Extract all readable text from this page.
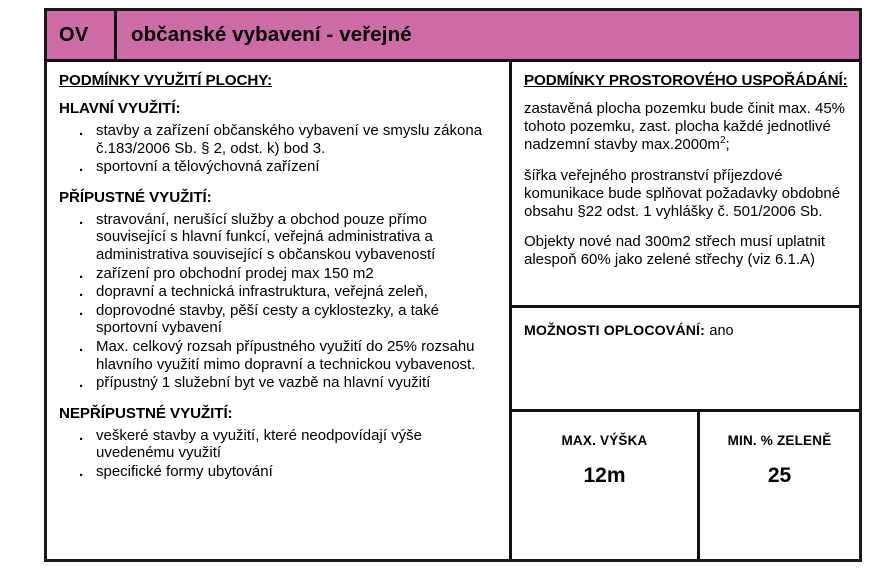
OV	občanské vybavení - veřejné
PODMÍNKY VYUŽITÍ PLOCHY:
HLAVNÍ VYUŽITÍ:
. stavby a zařízení občanského vybavení ve smyslu zákona č.183/2006 Sb. § 2, odst. k) bod 3.
. sportovní a tělovýchovná zařízení
PŘÍPUSTNÉ VYUŽITÍ:
. stravování, nerušící služby a obchod pouze přímo související s hlavní funkcí, veřejná administrativa a administrativa související s občanskou vybaveností
. zařízení pro obchodní prodej max 150 m2
. dopravní a technická infrastruktura, veřejná zeleň,
. doprovodné stavby, pěší cesty a cyklostezky, a také sportovní vybavení
. Max. celkový rozsah přípustného využití do 25% rozsahu hlavního využití mimo dopravní a technickou vybavenost.
. přípustný 1 služební byt ve vazbě na hlavní využití
NEPŘÍPUSTNÉ VYUŽITÍ:
. veškeré stavby a využití, které neodpovídají výše uvedenému využití
. specifické formy ubytování
PODMÍNKY PROSTOROVÉHO USPOŘÁDÁNÍ:

zastavěná plocha pozemku bude činit max. 45% tohoto pozemku, zast. plocha každé jednotlivé nadzemní stavby $\max.2000m^2$;

šířka veřejného prostranství příjezdové komunikace bude splňovat požadavky obdobné obsahu §22 odst. 1 vyhlášky č. 501/2006 Sb.

Objekty nové nad 300m2 střech musí uplatnit alespoň 60% jako zelené střechy (viz 6.1.A)

MOŽNOSTI OPLOCOVÁNÍ: ano
MAX. VÝŠKA
12m
MIN. % ZELENĚ
25
